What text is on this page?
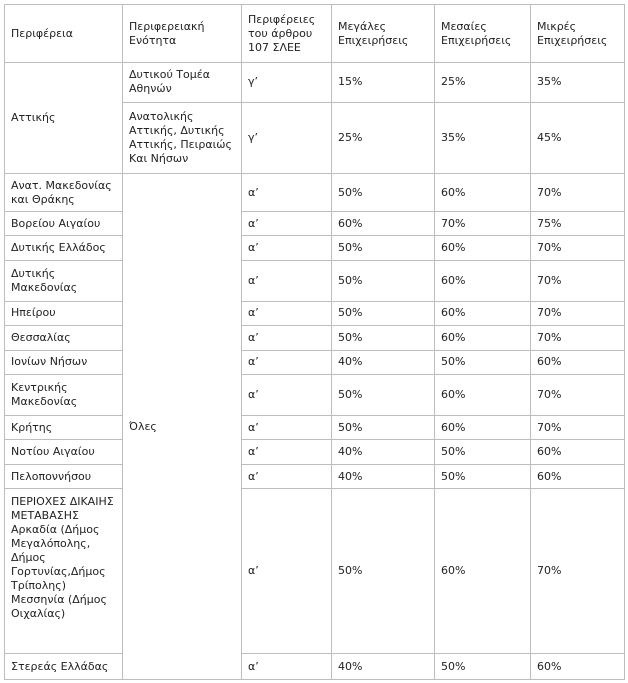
Περιφέρεια	Περιφερειακή Ενότητα	Περιφέρειες του άρθρου 107 ΣΛΕΕ	Μεγάλες Επιχειρήσεις	Μεσαίες Επιχειρήσεις	Μικρές Επιχειρήσεις
Αττικής	Δυτικού Τομέα Αθηνών	γ’	15%	25%	35%
	Ανατολικής Αττικής, Δυτικής Αττικής, Πειραιώς Και Νήσων	γ’	25%	35%	45%
Ανατ. Μακεδονίας και Θράκης	Όλες	α’	50%	60%	70%
Βορείου Αιγαίου		α’	60%	70%	75%
Δυτικής Ελλάδος		α’	50%	60%	70%
Δυτικής Μακεδονίας		α’	50%	60%	70%
Ηπείρου		α’	50%	60%	70%
Θεσσαλίας		α’	50%	60%	70%
Ιονίων Νήσων		α’	40%	50%	60%
Κεντρικής Μακεδονίας		α’	50%	60%	70%
Κρήτης		α’	50%	60%	70%
Νοτίου Αιγαίου		α’	40%	50%	60%
Πελοποννήσου		α’	40%	50%	60%
ΠΕΡΙΟΧΕΣ ΔΙΚΑΙΗΣ ΜΕΤΑΒΑΣΗΣ Αρκαδία (Δήμος Μεγαλόπολης, Δήμος Γορτυνίας,Δήμος Τρίπολης) Μεσσηνία (Δήμος Οιχαλίας)		α’	50%	60%	70%
Στερεάς Ελλάδας		α’	40%	50%	60%
